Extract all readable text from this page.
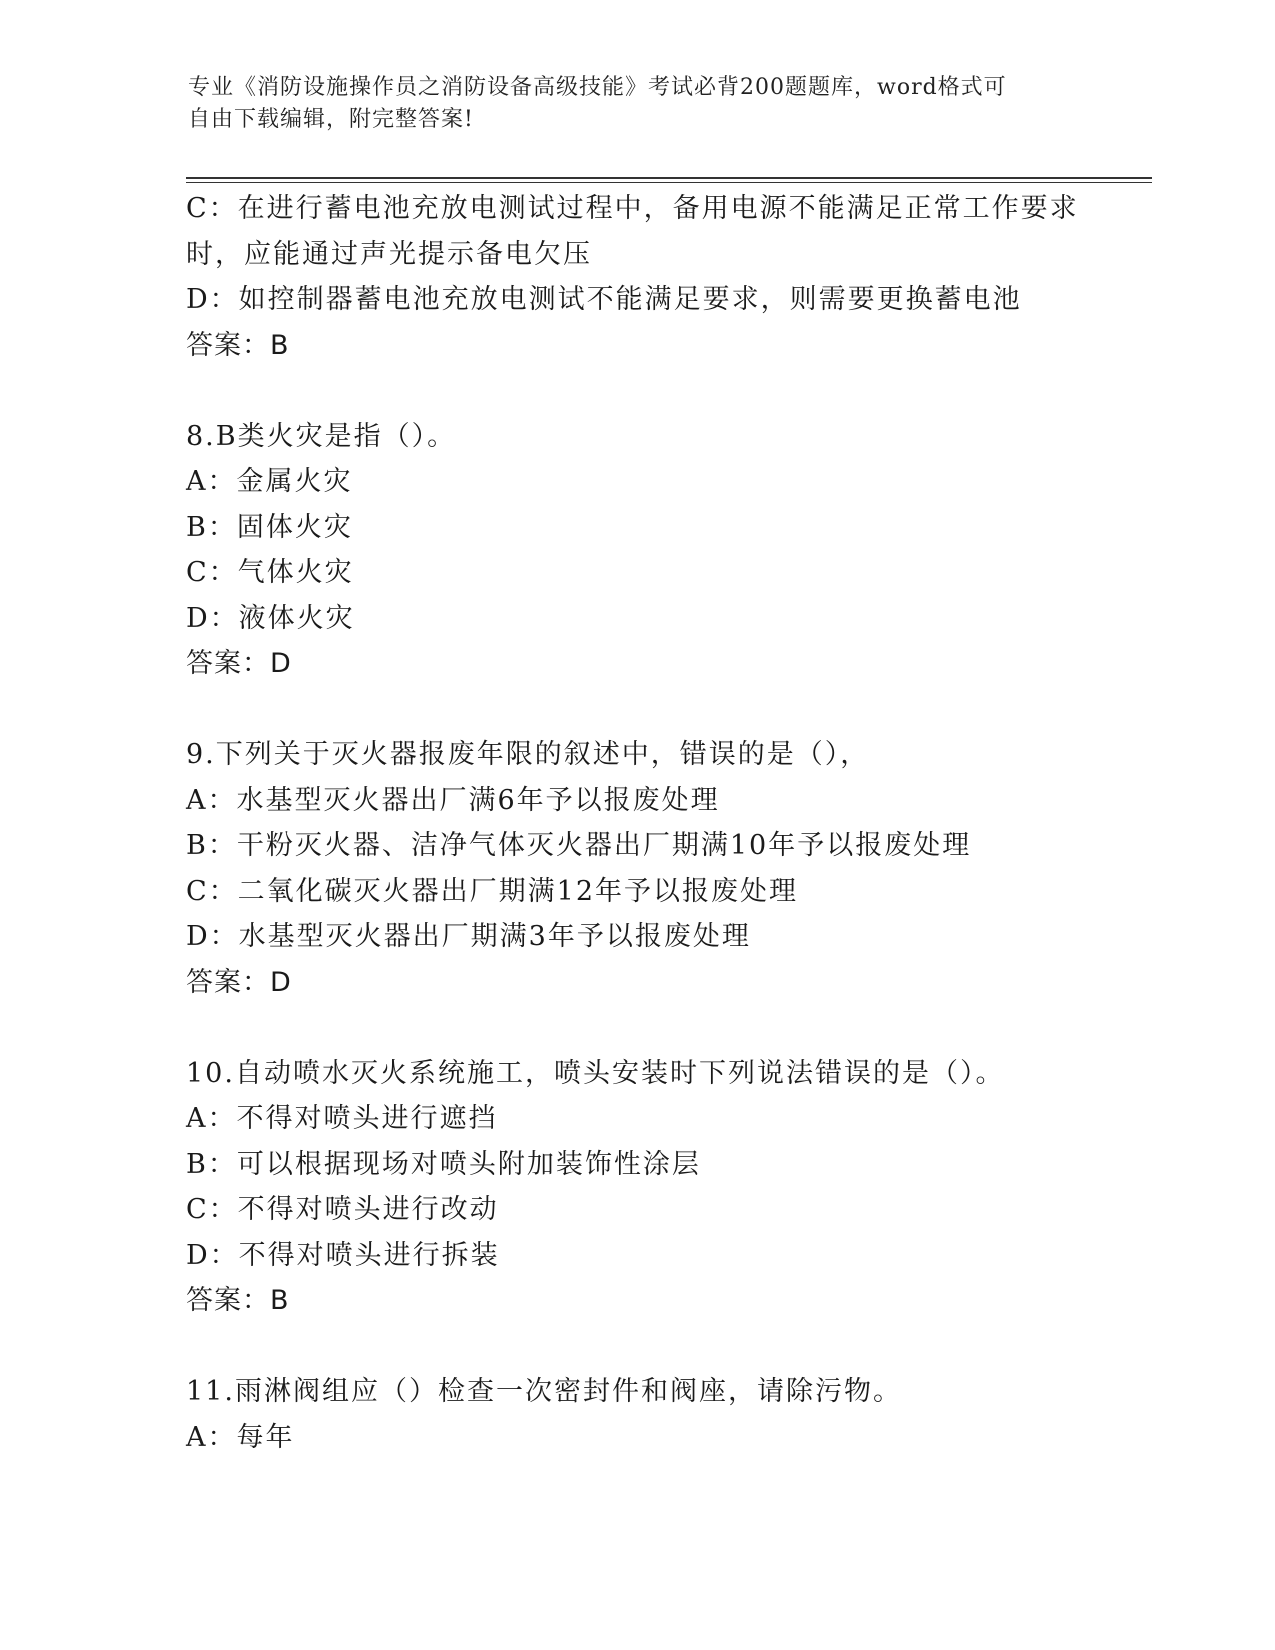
专业《消防设施操作员之消防设备高级技能》考试必背200题题库，word格式可
自由下载编辑，附完整答案!
C：在进行蓄电池充放电测试过程中，备用电源不能满足正常工作要求
时，应能通过声光提示备电欠压
D：如控制器蓄电池充放电测试不能满足要求，则需要更换蓄电池
答案：B
8.B类火灾是指（）。
A：金属火灾
B：固体火灾
C：气体火灾
D：液体火灾
答案：D
9.下列关于灭火器报废年限的叙述中，错误的是（），
A：水基型灭火器出厂满6年予以报废处理
B：干粉灭火器、洁净气体灭火器出厂期满10年予以报废处理
C：二氧化碳灭火器出厂期满12年予以报废处理
D：水基型灭火器出厂期满3年予以报废处理
答案：D
10.自动喷水灭火系统施工，喷头安装时下列说法错误的是（）。
A：不得对喷头进行遮挡
B：可以根据现场对喷头附加装饰性涂层
C：不得对喷头进行改动
D：不得对喷头进行拆装
答案：B
11.雨淋阀组应（）检查一次密封件和阀座，请除污物。
A：每年
